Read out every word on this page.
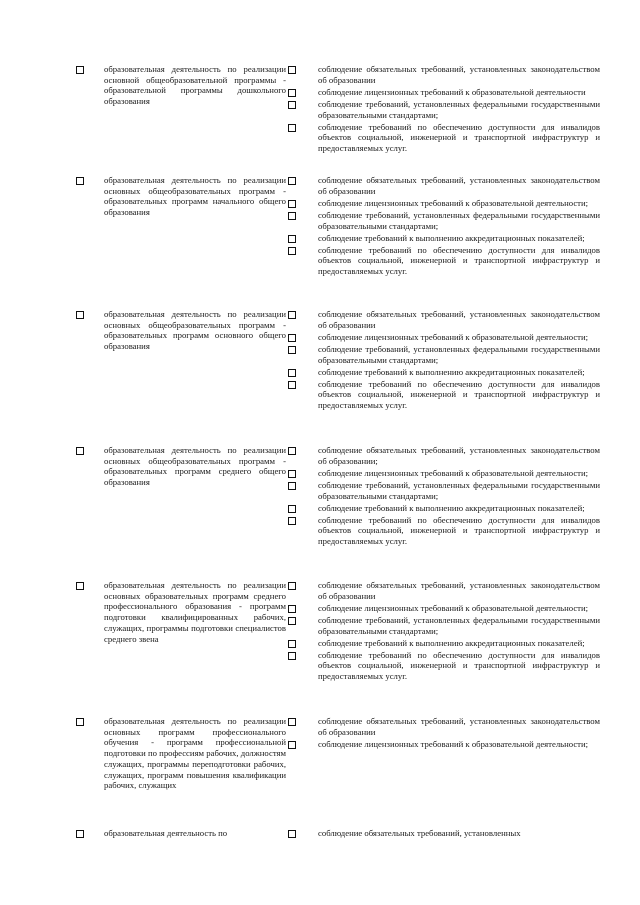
образовательная деятельность по реализации основной общеобразовательной программы - образовательной программы дошкольного образования
соблюдение обязательных требований, установленных законодательством об образовании
соблюдение лицензионных требований к образовательной деятельности
соблюдение требований, установленных федеральными государственными образовательными стандартами;
соблюдение требований по обеспечению доступности для инвалидов объектов социальной, инженерной и транспортной инфраструктур и предоставляемых услуг.
образовательная деятельность по реализации основных общеобразовательных программ - образовательных программ начального общего образования
соблюдение обязательных требований, установленных законодательством об образовании
соблюдение лицензионных требований к образовательной деятельности;
соблюдение требований, установленных федеральными государственными образовательными стандартами;
соблюдение требований к выполнению аккредитационных показателей;
соблюдение требований по обеспечению доступности для инвалидов объектов социальной, инженерной и транспортной инфраструктур и предоставляемых услуг.
образовательная деятельность по реализации основных общеобразовательных программ - образовательных программ основного общего образования
соблюдение обязательных требований, установленных законодательством об образовании
соблюдение лицензионных требований к образовательной деятельности;
соблюдение требований, установленных федеральными государственными образовательными стандартами;
соблюдение требований к выполнению аккредитационных показателей;
соблюдение требований по обеспечению доступности для инвалидов объектов социальной, инженерной и транспортной инфраструктур и предоставляемых услуг.
образовательная деятельность по реализации основных общеобразовательных программ - образовательных программ среднего общего образования
соблюдение обязательных требований, установленных законодательством об образовании;
соблюдение лицензионных требований к образовательной деятельности;
соблюдение требований, установленных федеральными государственными образовательными стандартами;
соблюдение требований к выполнению аккредитационных показателей;
соблюдение требований по обеспечению доступности для инвалидов объектов социальной, инженерной и транспортной инфраструктур и предоставляемых услуг.
образовательная деятельность по реализации основных образовательных программ среднего профессионального образования - программ подготовки квалифицированных рабочих, служащих, программы подготовки специалистов среднего звена
соблюдение обязательных требований, установленных законодательством об образовании
соблюдение лицензионных требований к образовательной деятельности;
соблюдение требований, установленных федеральными государственными образовательными стандартами;
соблюдение требований к выполнению аккредитационных показателей;
соблюдение требований по обеспечению доступности для инвалидов объектов социальной, инженерной и транспортной инфраструктур и предоставляемых услуг.
образовательная деятельность по реализации основных программ профессионального обучения - программ профессиональной подготовки по профессиям рабочих, должностям служащих, программы переподготовки рабочих, служащих, программ повышения квалификации рабочих, служащих
соблюдение обязательных требований, установленных законодательством об образовании
соблюдение лицензионных требований к образовательной деятельности;
образовательная деятельность по	соблюдение обязательных требований, установленных
